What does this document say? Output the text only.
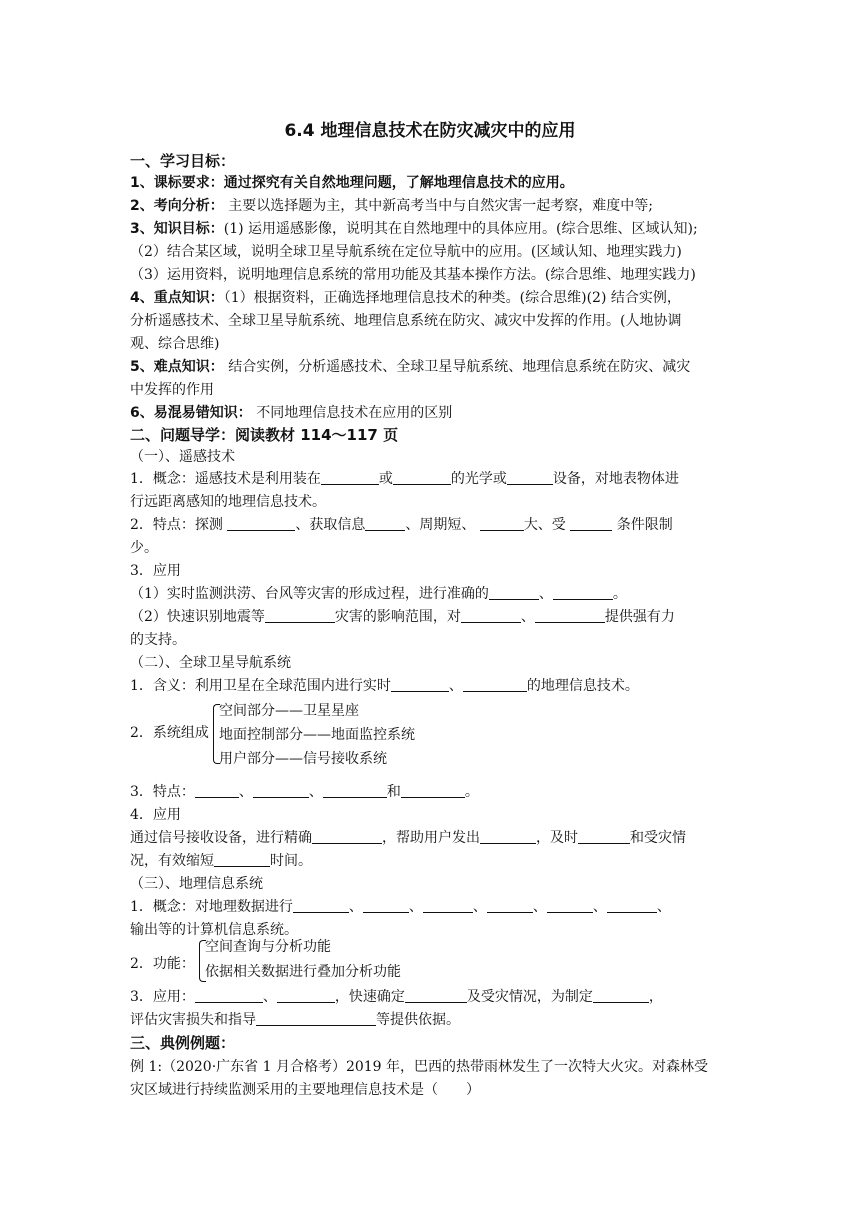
6.4 地理信息技术在防灾减灾中的应用
一、学习目标：
1、课标要求：通过探究有关自然地理问题，了解地理信息技术的应用。
2、考向分析： 主要以选择题为主，其中新高考当中与自然灾害一起考察，难度中等;
3、知识目标：(1) 运用遥感影像，说明其在自然地理中的具体应用。(综合思维、区域认知);
（2）结合某区域，说明全球卫星导航系统在定位导航中的应用。(区域认知、地理实践力)
（3）运用资料，说明地理信息系统的常用功能及其基本操作方法。(综合思维、地理实践力)
4、重点知识：（1）根据资料，正确选择地理信息技术的种类。(综合思维)(2) 结合实例，
分析遥感技术、全球卫星导航系统、地理信息系统在防灾、减灾中发挥的作用。(人地协调
观、综合思维)
5、难点知识： 结合实例，分析遥感技术、全球卫星导航系统、地理信息系统在防灾、减灾
中发挥的作用
6、易混易错知识： 不同地理信息技术在应用的区别
二、问题导学：阅读教材 114～117 页
（一）、遥感技术
1．概念：遥感技术是利用装在	或	的光学或	设备，对地表物体进
行远距离感知的地理信息技术。
2．特点：探测	、获取信息	、周期短、	大、受	条件限制
少。
3．应用
（1）实时监测洪涝、台风等灾害的形成过程，进行准确的	、	。
（2）快速识别地震等	灾害的影响范围，对	、	提供强有力
的支持。
（二）、全球卫星导航系统
1．含义：利用卫星在全球范围内进行实时	、	的地理信息技术。
2．系统组成
空间部分——卫星星座
地面控制部分——地面监控系统
用户部分——信号接收系统
3．特点：	、	、	和	。
4．应用
通过信号接收设备，进行精确	，帮助用户发出	，及时	和受灾情
况，有效缩短	时间。
（三）、地理信息系统
1．概念：对地理数据进行	、	、	、	、	、	、
输出等的计算机信息系统。
2．功能：
空间查询与分析功能
依据相关数据进行叠加分析功能
3．应用：	、	，快速确定	及受灾情况，为制定	，
评估灾害损失和指导	等提供依据。
三、典例例题：
例 1:（2020·广东省 1 月合格考）2019 年，巴西的热带雨林发生了一次特大火灾。对森林受
灾区域进行持续监测采用的主要地理信息技术是（　　）
